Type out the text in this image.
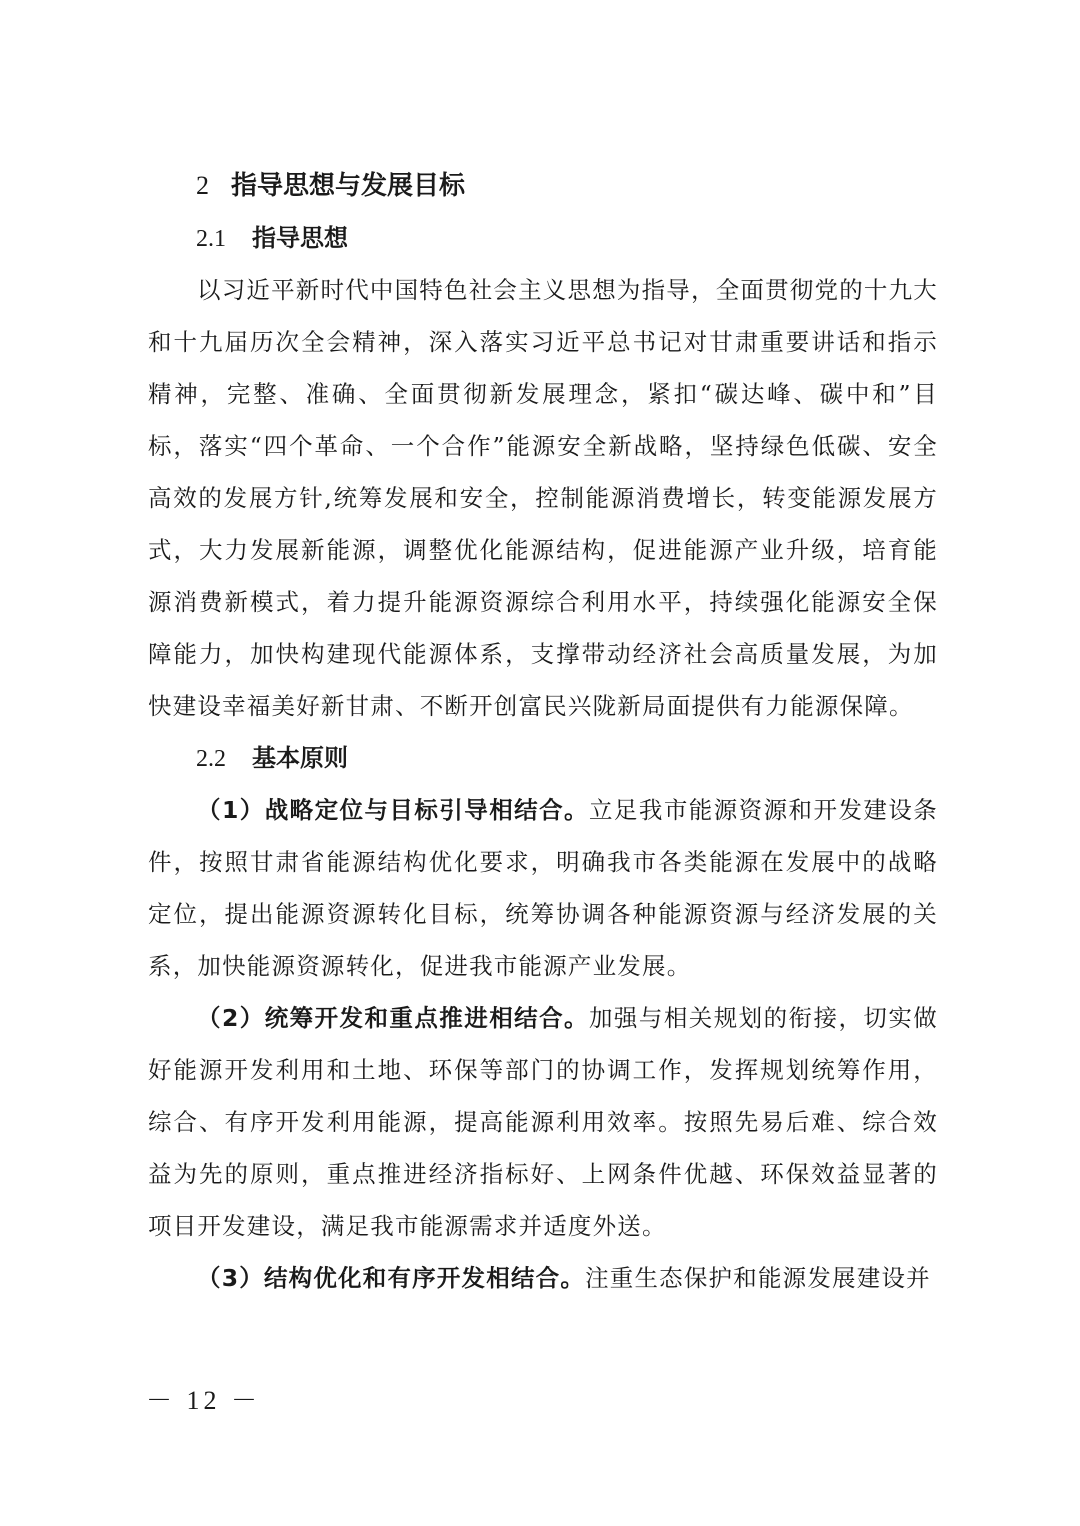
2 指导思想与发展目标
2.1 指导思想

以习近平新时代中国特色社会主义思想为指导，全面贯彻党的十九大和十九届历次全会精神，深入落实习近平总书记对甘肃重要讲话和指示精神，完整、准确、全面贯彻新发展理念，紧扣“碳达峰、碳中和”目标，落实“四个革命、一个合作”能源安全新战略，坚持绿色低碳、安全高效的发展方针,统筹发展和安全，控制能源消费增长，转变能源发展方式，大力发展新能源，调整优化能源结构，促进能源产业升级，培育能源消费新模式，着力提升能源资源综合利用水平，持续强化能源安全保障能力，加快构建现代能源体系，支撑带动经济社会高质量发展，为加快建设幸福美好新甘肃、不断开创富民兴陇新局面提供有力能源保障。

2.2 基本原则

（1）战略定位与目标引导相结合。立足我市能源资源和开发建设条件，按照甘肃省能源结构优化要求，明确我市各类能源在发展中的战略定位，提出能源资源转化目标，统筹协调各种能源资源与经济发展的关系，加快能源资源转化，促进我市能源产业发展。

（2）统筹开发和重点推进相结合。加强与相关规划的衔接，切实做好能源开发利用和土地、环保等部门的协调工作，发挥规划统筹作用，综合、有序开发利用能源，提高能源利用效率。按照先易后难、综合效益为先的原则，重点推进经济指标好、上网条件优越、环保效益显著的项目开发建设，满足我市能源需求并适度外送。

（3）结构优化和有序开发相结合。注重生态保护和能源发展建设并

－ 12 －
